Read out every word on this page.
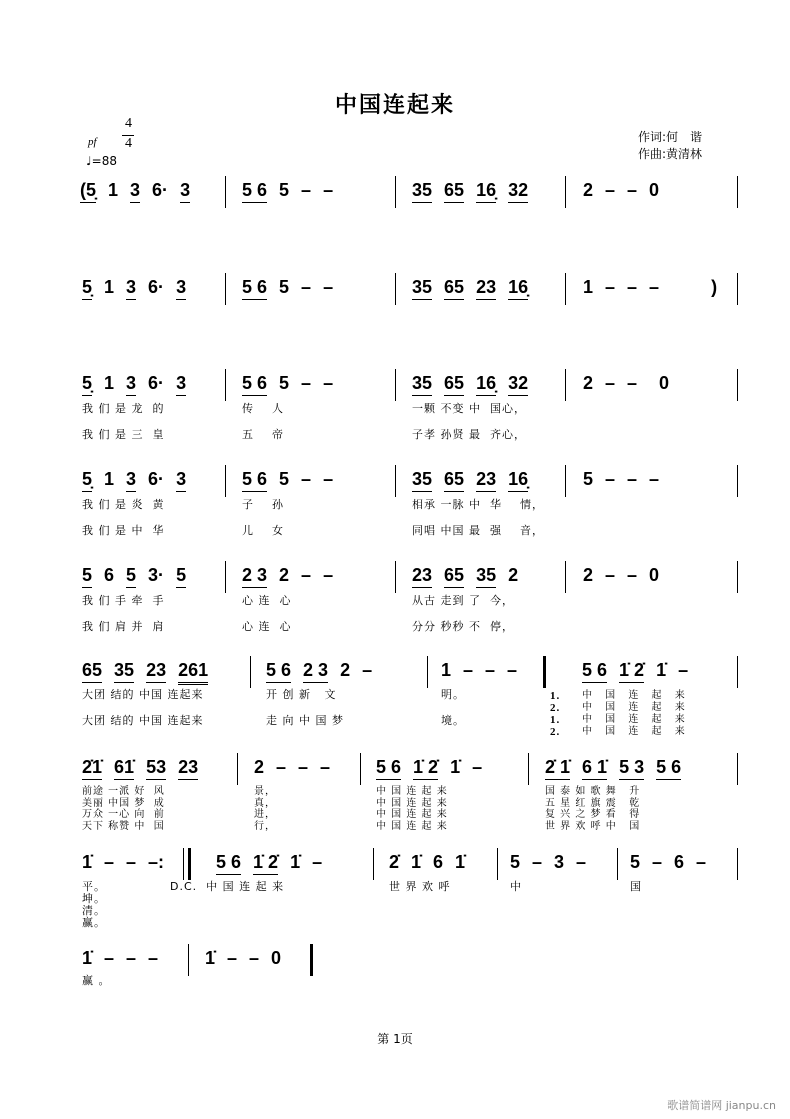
中国连起来
作词:何　谐
作曲:黄清林
4
4
pf
♩=88
(5̣ 1 3 6· 3	5 6 5 – –	35 65 16̣ 32	2 – – 0
5̣ 1 3 6· 3	5 6 5 – –	35 65 23 16̣	1 – – – )
5̣ 1 3 6· 3	5 6 5 – –	35 65 16̣ 32	2 – – 0
我 们 是 龙  的	传    人	一颗 不变 中  国心，
我 们 是 三  皇	五    帝	子孝 孙贤 最  齐心，
5̣ 1 3 6· 3	5 6 5 – –	35 65 23 16̣	5 – – –
我 们 是 炎  黄	子    孙	相承 一脉 中  华    情，
我 们 是 中  华	儿    女	同唱 中国 最  强    音，
5 6 5 3· 5	2 3 2 – –	23 65 35 2	2 – – 0
我 们 手 牵  手	心 连  心	从古 走到 了  今，
我 们 肩 并  肩	心 连  心	分分 秒秒 不  停，
65 35 23 261	5 6 2 3 2 –	1 – – –	5 6 1̇ 2̇ 1̇ –
大团 结的 中国 连起来	开 创 新   文	明。
大团 结的 中国 连起来	走 向 中 国 梦	境。
1.
2.
1.
2.
中 国 连 起 来
中 国 连 起 来
中 国 连 起 来
中 国 连 起 来
2̇1̇ 61̇ 53 23	2 – – –	5 6 1̇ 2̇ 1̇ –	2̇ 1̇ 6 1̇ 5 3 5 6
前途 一派 好  风	景，	中 国 连 起 来	国 泰 如 歌 舞   升
美丽 中国 梦  成	真，	中 国 连 起 来	五 星 红 旗 震   乾
万众 一心 向  前	进，	中 国 连 起 来	复 兴 之 梦 看   得
天下 称赞 中  国	行，	中 国 连 起 来	世 界 欢 呼 中   国
1̇ – – –:	5 6 1̇ 2̇ 1̇ –	2̇ 1̇ 6 1̇ 5 – 3 – 5 – 6 –
平。	D.C.  中 国 连 起 来	世 界 欢 呼	中	国
坤。
清。
赢。
1̇ – – –	1̇ – – 0
赢 。
第 1页
歌谱简谱网 jianpu.cn
